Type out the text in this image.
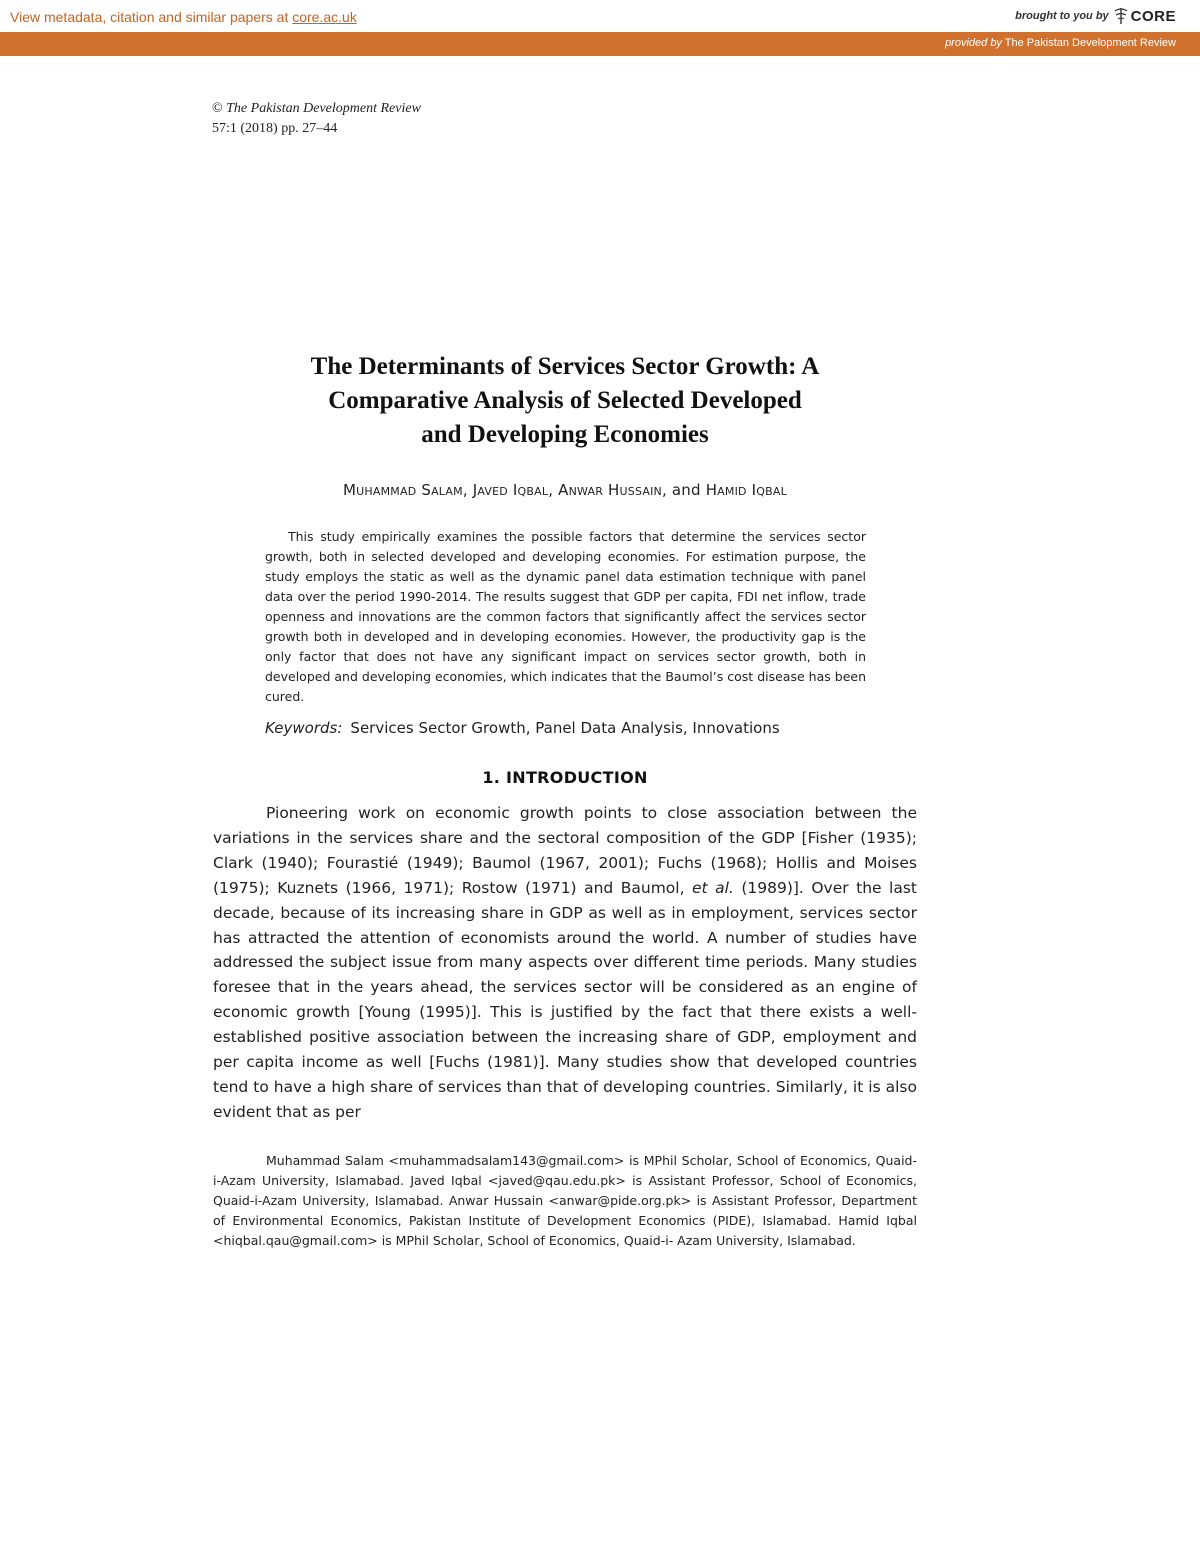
View metadata, citation and similar papers at core.ac.uk	brought to you by CORE
provided by The Pakistan Development Review
© The Pakistan Development Review
57:1 (2018) pp. 27–44
The Determinants of Services Sector Growth: A
Comparative Analysis of Selected Developed
and Developing Economies
Muhammad Salam, Javed Iqbal, Anwar Hussain, and Hamid Iqbal

This study empirically examines the possible factors that determine the services sector growth, both in selected developed and developing economies. For estimation purpose, the study employs the static as well as the dynamic panel data estimation technique with panel data over the period 1990-2014. The results suggest that GDP per capita, FDI net inflow, trade openness and innovations are the common factors that significantly affect the services sector growth both in developed and in developing economies. However, the productivity gap is the only factor that does not have any significant impact on services sector growth, both in developed and developing economies, which indicates that the Baumol’s cost disease has been cured.

Keywords: Services Sector Growth, Panel Data Analysis, Innovations
1. INTRODUCTION

Pioneering work on economic growth points to close association between the variations in the services share and the sectoral composition of the GDP [Fisher (1935); Clark (1940); Fourastié (1949); Baumol (1967, 2001); Fuchs (1968); Hollis and Moises (1975); Kuznets (1966, 1971); Rostow (1971) and Baumol, et al. (1989)]. Over the last decade, because of its increasing share in GDP as well as in employment, services sector has attracted the attention of economists around the world. A number of studies have addressed the subject issue from many aspects over different time periods. Many studies foresee that in the years ahead, the services sector will be considered as an engine of economic growth [Young (1995)]. This is justified by the fact that there exists a well-established positive association between the increasing share of GDP, employment and per capita income as well [Fuchs (1981)]. Many studies show that developed countries tend to have a high share of services than that of developing countries. Similarly, it is also evident that as per

Muhammad Salam <muhammadsalam143@gmail.com> is MPhil Scholar, School of Economics, Quaid-i-Azam University, Islamabad. Javed Iqbal <javed@qau.edu.pk> is Assistant Professor, School of Economics, Quaid-i-Azam University, Islamabad. Anwar Hussain <anwar@pide.org.pk> is Assistant Professor, Department of Environmental Economics, Pakistan Institute of Development Economics (PIDE), Islamabad. Hamid Iqbal <hiqbal.qau@gmail.com> is MPhil Scholar, School of Economics, Quaid-i- Azam University, Islamabad.
